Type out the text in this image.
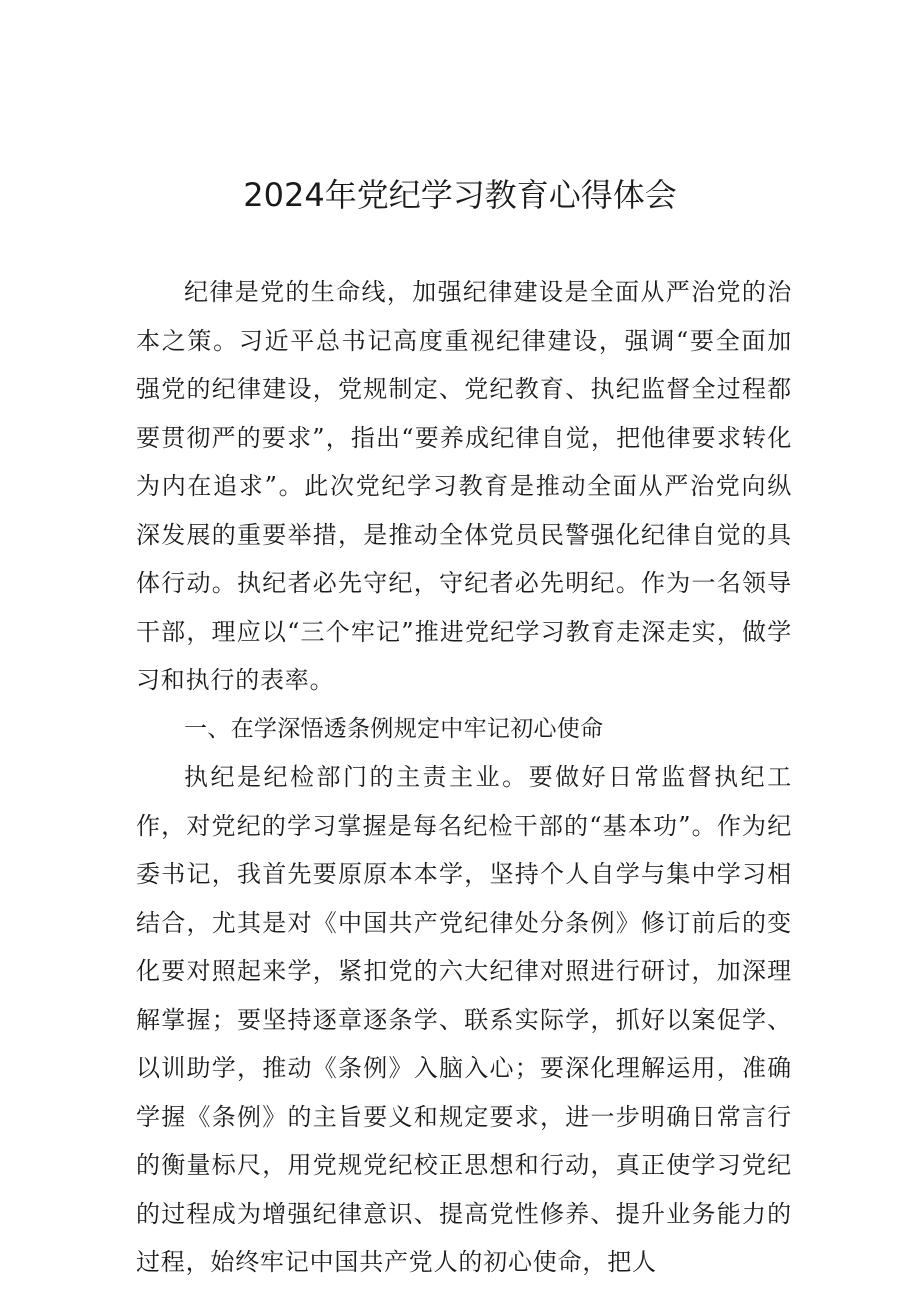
2024年党纪学习教育心得体会

纪律是党的生命线，加强纪律建设是全面从严治党的治本之策。习近平总书记高度重视纪律建设，强调“要全面加强党的纪律建设，党规制定、党纪教育、执纪监督全过程都要贯彻严的要求”，指出“要养成纪律自觉，把他律要求转化为内在追求”。此次党纪学习教育是推动全面从严治党向纵深发展的重要举措，是推动全体党员民警强化纪律自觉的具体行动。执纪者必先守纪，守纪者必先明纪。作为一名领导干部，理应以“三个牢记”推进党纪学习教育走深走实，做学习和执行的表率。

一、在学深悟透条例规定中牢记初心使命

执纪是纪检部门的主责主业。要做好日常监督执纪工作，对党纪的学习掌握是每名纪检干部的“基本功”。作为纪委书记，我首先要原原本本学，坚持个人自学与集中学习相结合，尤其是对《中国共产党纪律处分条例》修订前后的变化要对照起来学，紧扣党的六大纪律对照进行研讨，加深理解掌握；要坚持逐章逐条学、联系实际学，抓好以案促学、以训助学，推动《条例》入脑入心；要深化理解运用，准确学握《条例》的主旨要义和规定要求，进一步明确日常言行的衡量标尺，用党规党纪校正思想和行动，真正使学习党纪的过程成为增强纪律意识、提高党性修养、提升业务能力的过程，始终牢记中国共产党人的初心使命，把人
